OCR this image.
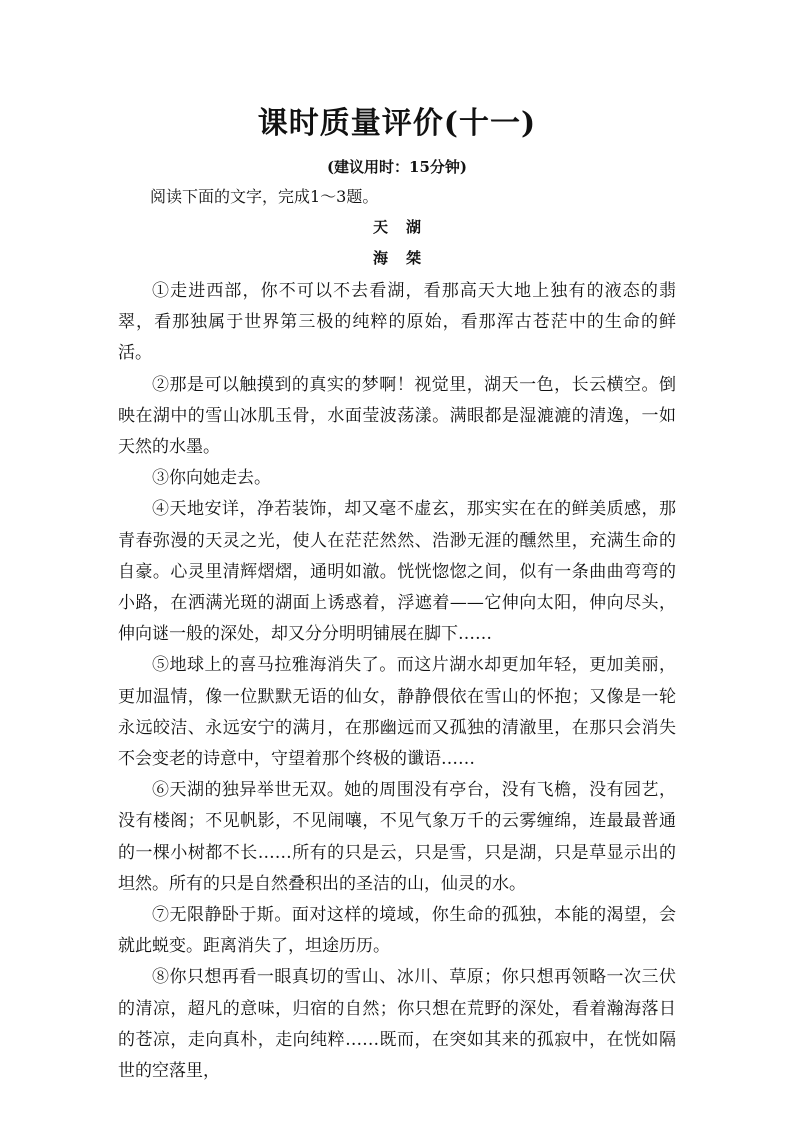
课时质量评价(十一)
(建议用时：15分钟)
阅读下面的文字，完成1～3题。
天湖
海桀

①走进西部，你不可以不去看湖，看那高天大地上独有的液态的翡翠，看那独属于世界第三极的纯粹的原始，看那浑古苍茫中的生命的鲜活。

②那是可以触摸到的真实的梦啊！视觉里，湖天一色，长云横空。倒映在湖中的雪山冰肌玉骨，水面莹波荡漾。满眼都是湿漉漉的清逸，一如天然的水墨。

③你向她走去。

④天地安详，净若装饰，却又毫不虚玄，那实实在在的鲜美质感，那青春弥漫的天灵之光，使人在茫茫然然、浩渺无涯的醺然里，充满生命的自豪。心灵里清辉熠熠，通明如澈。恍恍惚惚之间，似有一条曲曲弯弯的小路，在洒满光斑的湖面上诱惑着，浮遮着——它伸向太阳，伸向尽头，伸向谜一般的深处，却又分分明明铺展在脚下……

⑤地球上的喜马拉雅海消失了。而这片湖水却更加年轻，更加美丽，更加温情，像一位默默无语的仙女，静静偎依在雪山的怀抱；又像是一轮永远皎洁、永远安宁的满月，在那幽远而又孤独的清澈里，在那只会消失不会变老的诗意中，守望着那个终极的谶语……

⑥天湖的独异举世无双。她的周围没有亭台，没有飞檐，没有园艺，没有楼阁；不见帆影，不见闹嚷，不见气象万千的云雾缠绵，连最最普通的一棵小树都不长……所有的只是云，只是雪，只是湖，只是草显示出的坦然。所有的只是自然叠积出的圣洁的山，仙灵的水。

⑦无限静卧于斯。面对这样的境域，你生命的孤独，本能的渴望，会就此蜕变。距离消失了，坦途历历。

⑧你只想再看一眼真切的雪山、冰川、草原；你只想再领略一次三伏的清凉，超凡的意味，归宿的自然；你只想在荒野的深处，看着瀚海落日的苍凉，走向真朴，走向纯粹……既而，在突如其来的孤寂中，在恍如隔世的空落里，
